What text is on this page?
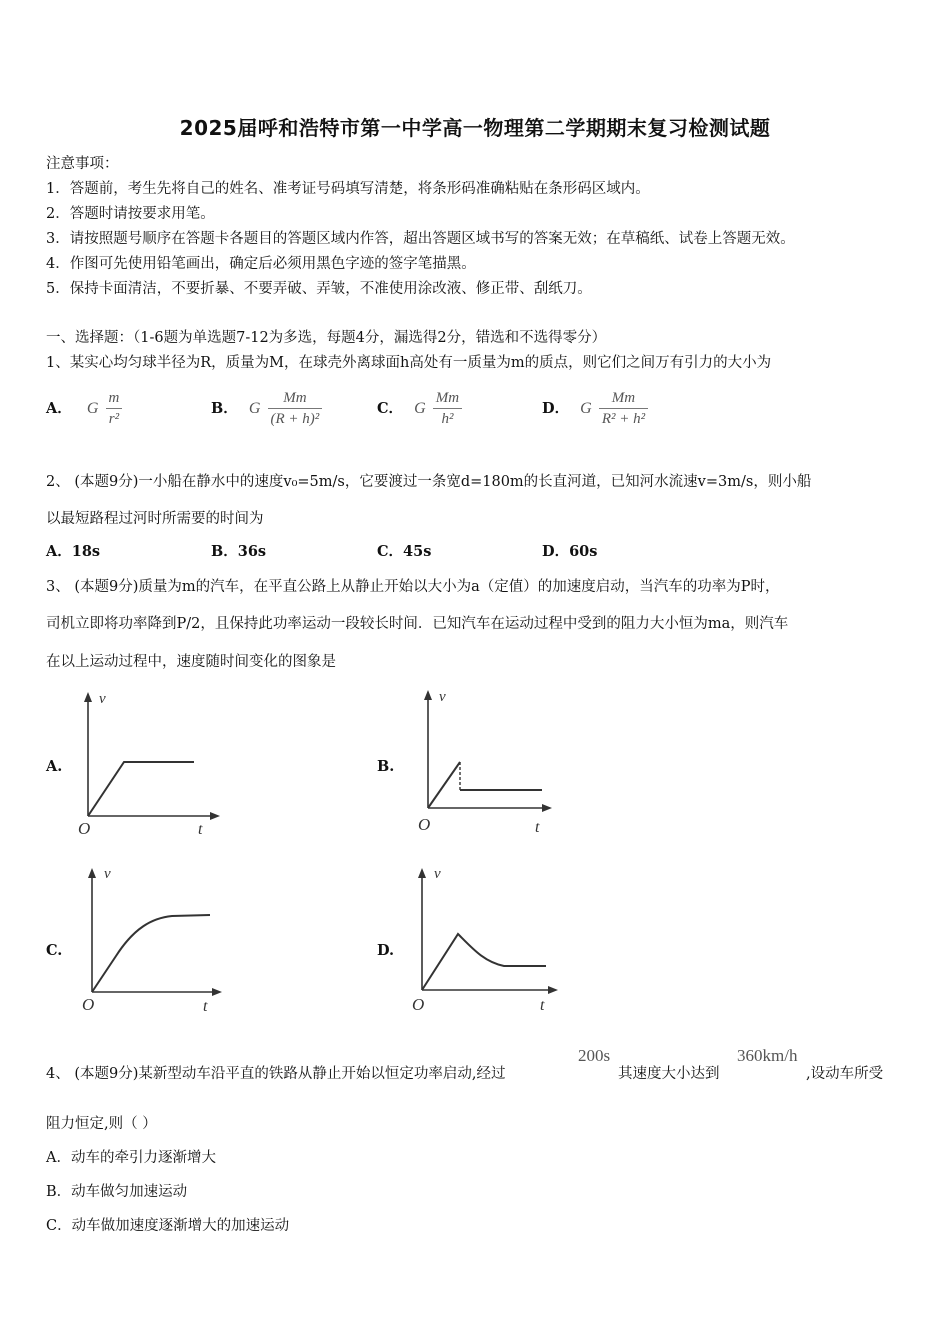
2025届呼和浩特市第一中学高一物理第二学期期末复习检测试题
注意事项：
1．答题前，考生先将自己的姓名、准考证号码填写清楚，将条形码准确粘贴在条形码区域内。
2．答题时请按要求用笔。
3．请按照题号顺序在答题卡各题目的答题区域内作答，超出答题区域书写的答案无效；在草稿纸、试卷上答题无效。
4．作图可先使用铅笔画出，确定后必须用黑色字迹的签字笔描黑。
5．保持卡面清洁，不要折暴、不要弄破、弄皱，不准使用涂改液、修正带、刮纸刀。
一、选择题：（1-6题为单选题7-12为多选，每题4分，漏选得2分，错选和不选得零分）
1、某实心均匀球半径为R，质量为M，在球壳外离球面h高处有一质量为m的质点，则它们之间万有引力的大小为
A． G $\frac{m}{\text{r²}}$	B． G $\frac{Mm}{\text{(R + h)²}}$	C． G $\frac{Mm}{\text{h²}}$	D． G $\frac{Mm}{\text{R² + h²}}$
2、 (本题9分)一小船在静水中的速度v₀=5m/s，它要渡过一条宽d=180m的长直河道，已知河水流速v=3m/s，则小船
以最短路程过河时所需要的时间为
A．18s	B．36s	C．45s	D．60s
3、 (本题9分)质量为m的汽车，在平直公路上从静止开始以大小为a（定值）的加速度启动，当汽车的功率为P时，
司机立即将功率降到P/2，且保持此功率运动一段较长时间．已知汽车在运动过程中受到的阻力大小恒为ma，则汽车
在以上运动过程中，速度随时间变化的图象是
A.
v
O	t
B.
v
O	t
C.
v
O	t
D.
v
O	t
4、 (本题9分)某新型动车沿平直的铁路从静止开始以恒定功率启动,经过
200s
其速度大小达到
360km/h
,设动车所受
阻力恒定,则（ ）
A．动车的牵引力逐渐增大
B．动车做匀加速运动
C．动车做加速度逐渐增大的加速运动
